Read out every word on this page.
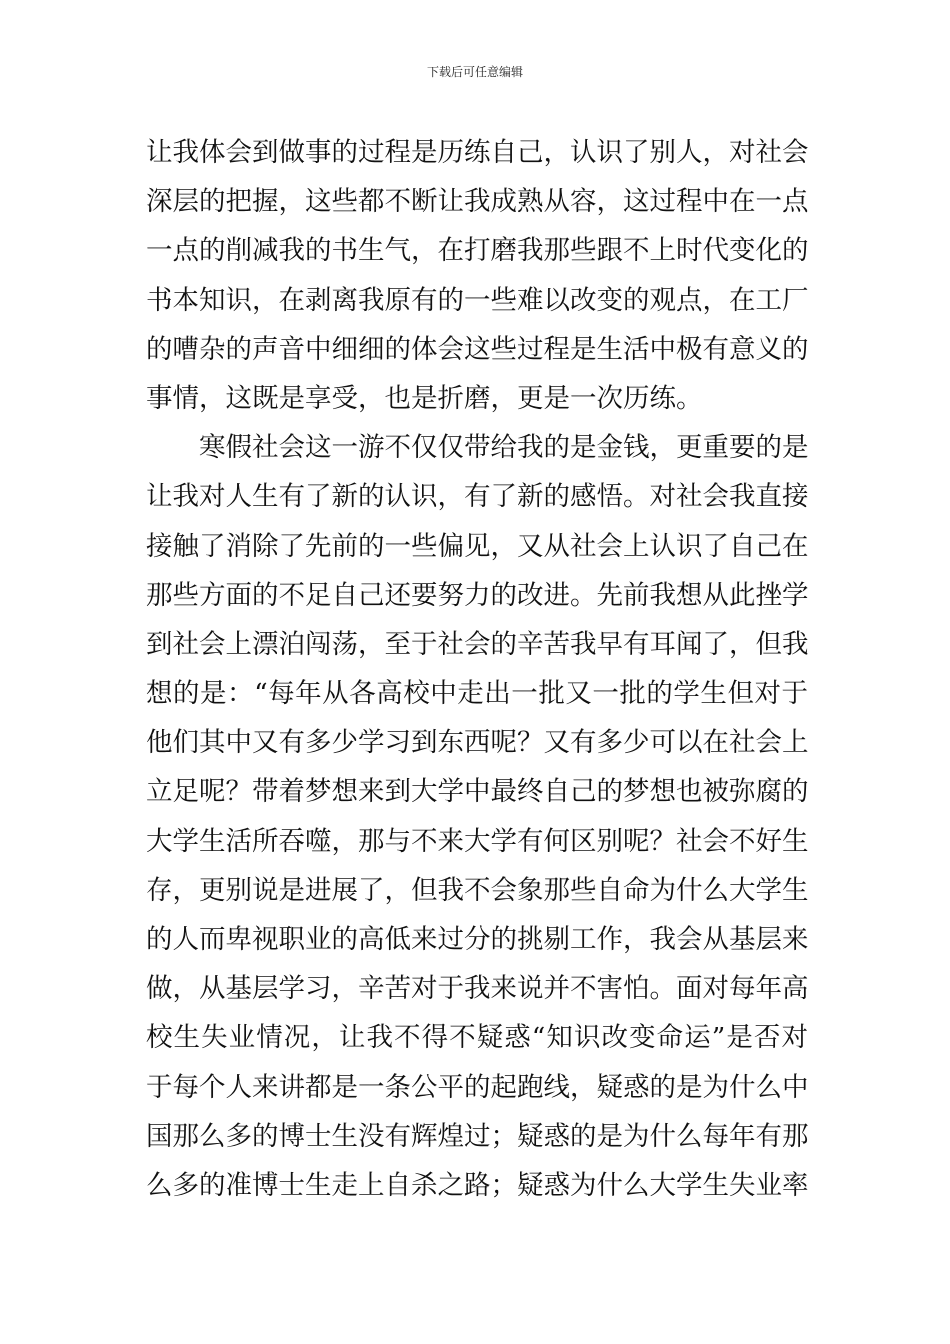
下载后可任意编辑
让我体会到做事的过程是历练自己，认识了别人，对社会
深层的把握，这些都不断让我成熟从容，这过程中在一点
一点的削减我的书生气，在打磨我那些跟不上时代变化的
书本知识，在剥离我原有的一些难以改变的观点，在工厂
的嘈杂的声音中细细的体会这些过程是生活中极有意义的
事情，这既是享受，也是折磨，更是一次历练。
寒假社会这一游不仅仅带给我的是金钱，更重要的是
让我对人生有了新的认识，有了新的感悟。对社会我直接
接触了消除了先前的一些偏见，又从社会上认识了自己在
那些方面的不足自己还要努力的改进。先前我想从此挫学
到社会上漂泊闯荡，至于社会的辛苦我早有耳闻了，但我
想的是：“每年从各高校中走出一批又一批的学生但对于
他们其中又有多少学习到东西呢？又有多少可以在社会上
立足呢？带着梦想来到大学中最终自己的梦想也被弥腐的
大学生活所吞噬，那与不来大学有何区别呢？社会不好生
存，更别说是进展了，但我不会象那些自命为什么大学生
的人而卑视职业的高低来过分的挑剔工作，我会从基层来
做，从基层学习，辛苦对于我来说并不害怕。面对每年高
校生失业情况，让我不得不疑惑“知识改变命运”是否对
于每个人来讲都是一条公平的起跑线，疑惑的是为什么中
国那么多的博士生没有辉煌过；疑惑的是为什么每年有那
么多的准博士生走上自杀之路；疑惑为什么大学生失业率
